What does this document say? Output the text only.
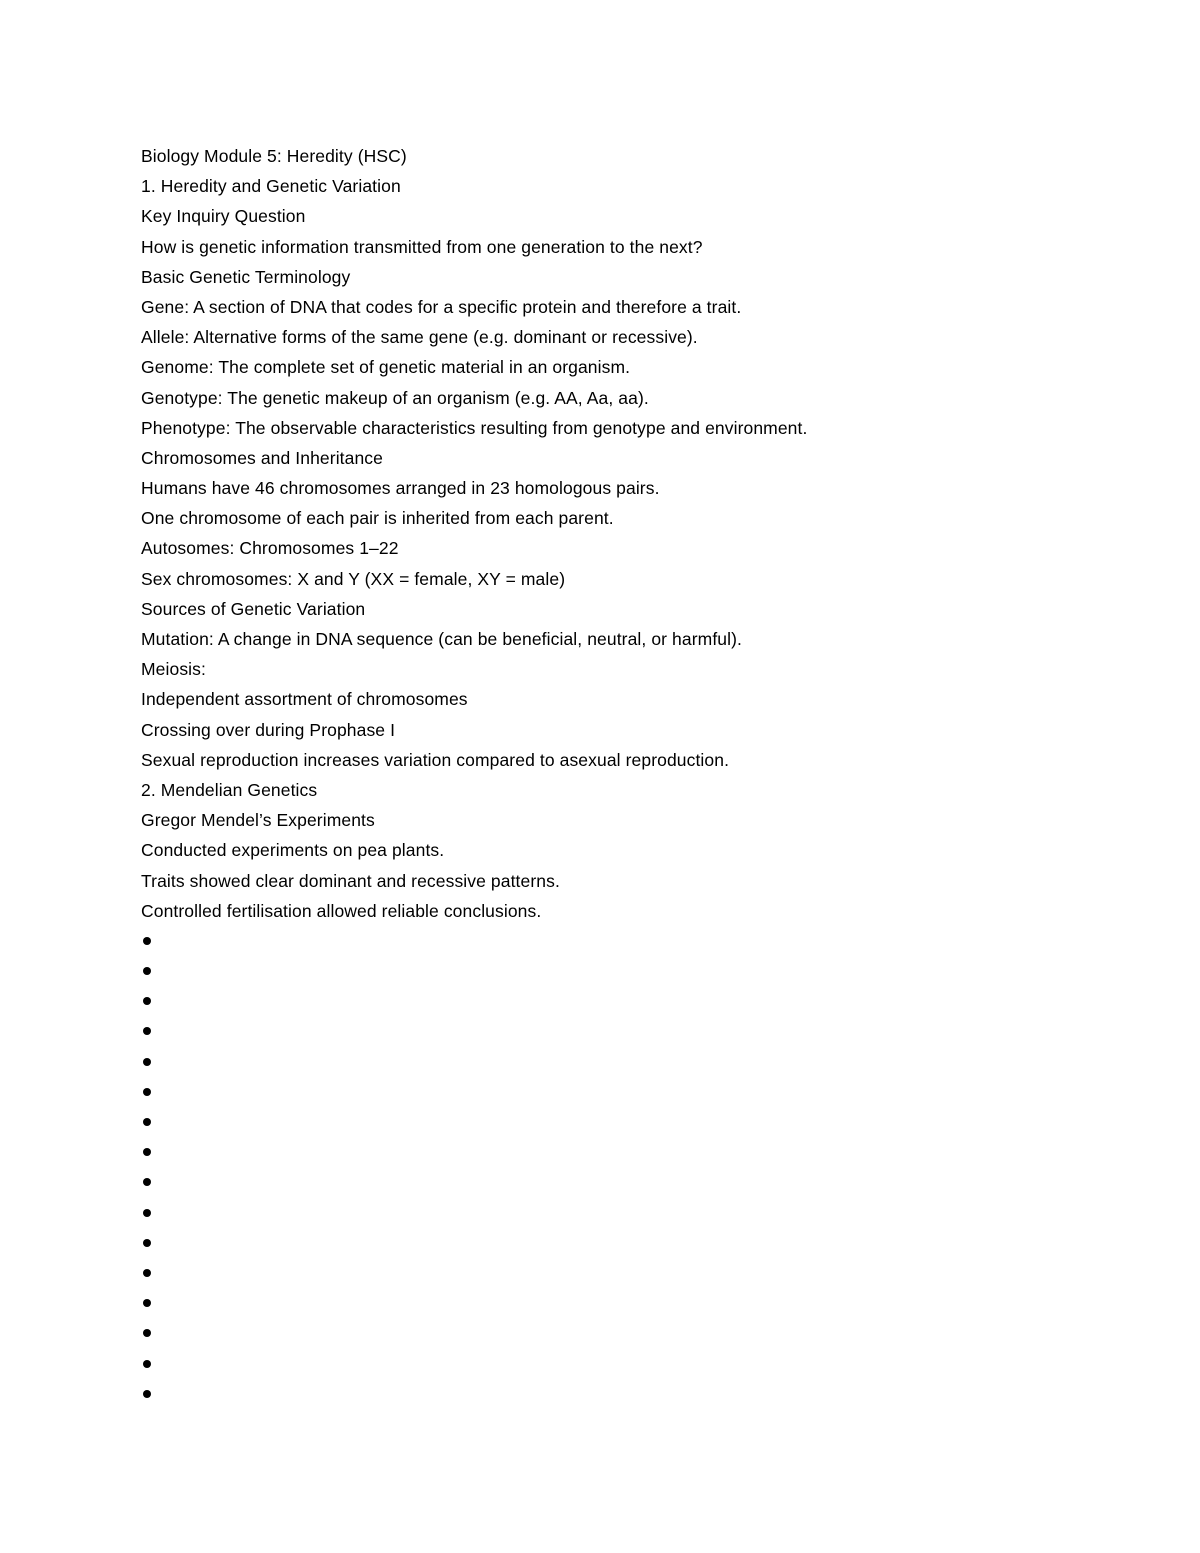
Biology Module 5: Heredity (HSC)
1. Heredity and Genetic Variation
Key Inquiry Question
How is genetic information transmitted from one generation to the next?
Basic Genetic Terminology
Gene: A section of DNA that codes for a specific protein and therefore a trait.
Allele: Alternative forms of the same gene (e.g. dominant or recessive).
Genome: The complete set of genetic material in an organism.
Genotype: The genetic makeup of an organism (e.g. AA, Aa, aa).
Phenotype: The observable characteristics resulting from genotype and environment.
Chromosomes and Inheritance
Humans have 46 chromosomes arranged in 23 homologous pairs.
One chromosome of each pair is inherited from each parent.
Autosomes: Chromosomes 1–22
Sex chromosomes: X and Y (XX = female, XY = male)
Sources of Genetic Variation
Mutation: A change in DNA sequence (can be beneficial, neutral, or harmful).
Meiosis:
Independent assortment of chromosomes
Crossing over during Prophase I
Sexual reproduction increases variation compared to asexual reproduction.
2. Mendelian Genetics
Gregor Mendel’s Experiments
Conducted experiments on pea plants.
Traits showed clear dominant and recessive patterns.
Controlled fertilisation allowed reliable conclusions.
